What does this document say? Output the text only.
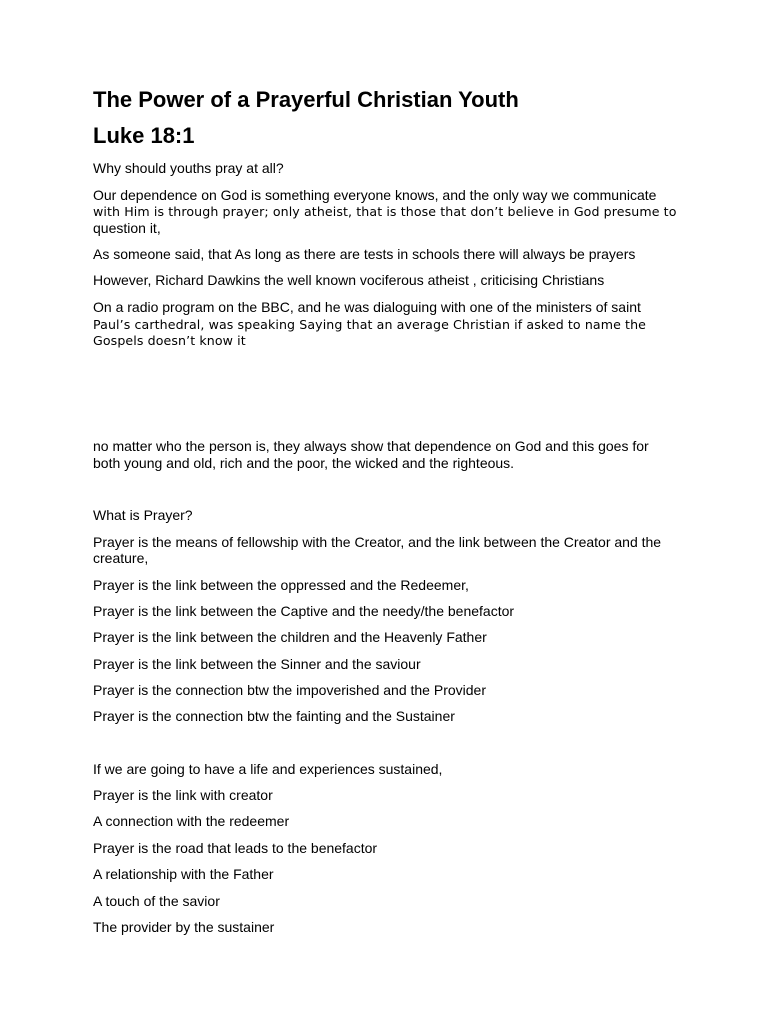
The Power of a Prayerful Christian Youth
Luke 18:1
Why should youths pray at all?
Our dependence on God is something everyone knows, and the only way we communicate
with Him is through prayer; only atheist, that is those that don’t believe in God presume to
question it,
As someone said, that As long as there are tests in schools there will always be prayers
However, Richard Dawkins the well known vociferous atheist , criticising Christians
On a radio program on the BBC, and he was dialoguing with one of the ministers of saint
Paul’s carthedral, was speaking Saying that an average Christian if asked to name the
Gospels doesn’t know it
no matter who the person is, they always show that dependence on God and this goes for
both young and old, rich and the poor, the wicked and the righteous.
What is Prayer?
Prayer is the means of fellowship with the Creator, and the link between the Creator and the
creature,
Prayer is the link between the oppressed and the Redeemer,
Prayer is the link between the Captive and the needy/the benefactor
Prayer is the link between the children and the Heavenly Father
Prayer is the link between the Sinner and the saviour
Prayer is the connection btw the impoverished and the Provider
Prayer is the connection btw the fainting and the Sustainer
If we are going to have a life and experiences sustained,
Prayer is the link with creator
A connection with the redeemer
Prayer is the road that leads to the benefactor
A relationship with the Father
A touch of the savior
The provider by the sustainer
